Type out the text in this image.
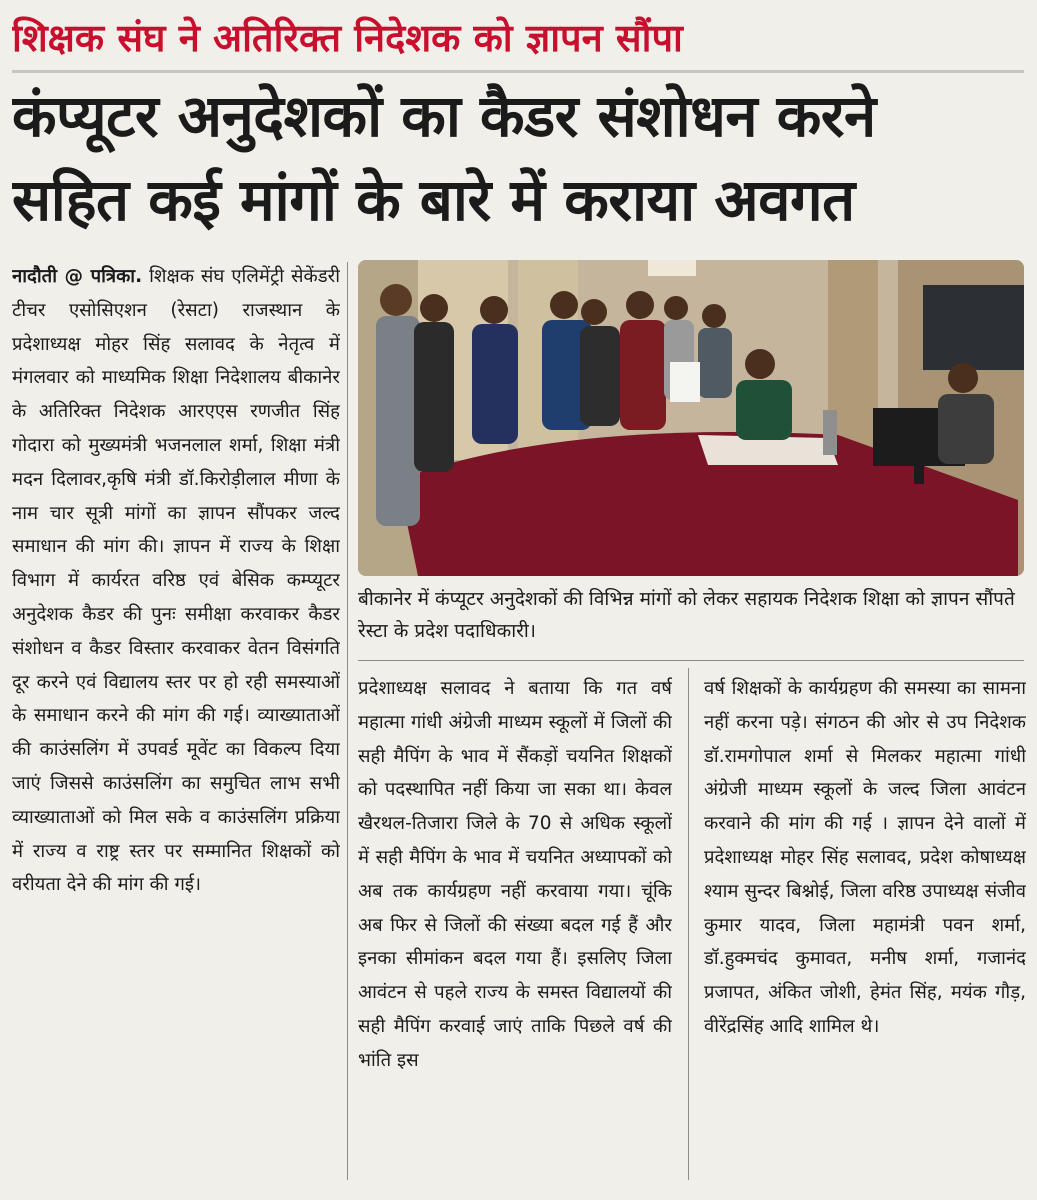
शिक्षक संघ ने अतिरिक्त निदेशक को ज्ञापन सौंपा
कंप्यूटर अनुदेशकों का कैडर संशोधन करने
सहित कई मांगों के बारे में कराया अवगत

नादौती @ पत्रिका. शिक्षक संघ एलिमेंट्री सेकेंडरी टीचर एसोसिएशन (रेसटा) राजस्थान के प्रदेशाध्यक्ष मोहर सिंह सलावद के नेतृत्व में मंगलवार को माध्यमिक शिक्षा निदेशालय बीकानेर के अतिरिक्त निदेशक आरएएस रणजीत सिंह गोदारा को मुख्यमंत्री भजनलाल शर्मा, शिक्षा मंत्री मदन दिलावर,कृषि मंत्री डॉ.किरोड़ीलाल मीणा के नाम चार सूत्री मांगों का ज्ञापन सौंपकर जल्द समाधान की मांग की। ज्ञापन में राज्य के शिक्षा विभाग में कार्यरत वरिष्ठ एवं बेसिक कम्प्यूटर अनुदेशक कैडर की पुनः समीक्षा करवाकर कैडर संशोधन व कैडर विस्तार करवाकर वेतन विसंगति दूर करने एवं विद्यालय स्तर पर हो रही समस्याओं के समाधान करने की मांग की गई। व्याख्याताओं की काउंसलिंग में उपवर्ड मूवेंट का विकल्प दिया जाएं जिससे काउंसलिंग का समुचित लाभ सभी व्याख्याताओं को मिल सके व काउंसलिंग प्रक्रिया में राज्य व राष्ट्र स्तर पर सम्मानित शिक्षकों को वरीयता देने की मांग की गई।

बीकानेर में कंप्यूटर अनुदेशकों की विभिन्न मांगों को लेकर सहायक निदेशक शिक्षा को ज्ञापन सौंपते रेस्टा के प्रदेश पदाधिकारी।

प्रदेशाध्यक्ष सलावद ने बताया कि गत वर्ष महात्मा गांधी अंग्रेजी माध्यम स्कूलों में जिलों की सही मैपिंग के भाव में सैंकड़ों चयनित शिक्षकों को पदस्थापित नहीं किया जा सका था। केवल खैरथल-तिजारा जिले के 70 से अधिक स्कूलों में सही मैपिंग के भाव में चयनित अध्यापकों को अब तक कार्यग्रहण नहीं करवाया गया। चूंकि अब फिर से जिलों की संख्या बदल गई हैं और इनका सीमांकन बदल गया हैं। इसलिए जिला आवंटन से पहले राज्य के समस्त विद्यालयों की सही मैपिंग करवाई जाएं ताकि पिछले वर्ष की भांति इस

वर्ष शिक्षकों के कार्यग्रहण की समस्या का सामना नहीं करना पड़े। संगठन की ओर से उप निदेशक डॉ.रामगोपाल शर्मा से मिलकर महात्मा गांधी अंग्रेजी माध्यम स्कूलों के जल्द जिला आवंटन करवाने की मांग की गई । ज्ञापन देने वालों में प्रदेशाध्यक्ष मोहर सिंह सलावद, प्रदेश कोषाध्यक्ष श्याम सुन्दर बिश्नोई, जिला वरिष्ठ उपाध्यक्ष संजीव कुमार यादव, जिला महामंत्री पवन शर्मा, डॉ.हुक्मचंद कुमावत, मनीष शर्मा, गजानंद प्रजापत, अंकित जोशी, हेमंत सिंह, मयंक गौड़, वीरेंद्रसिंह आदि शामिल थे।
